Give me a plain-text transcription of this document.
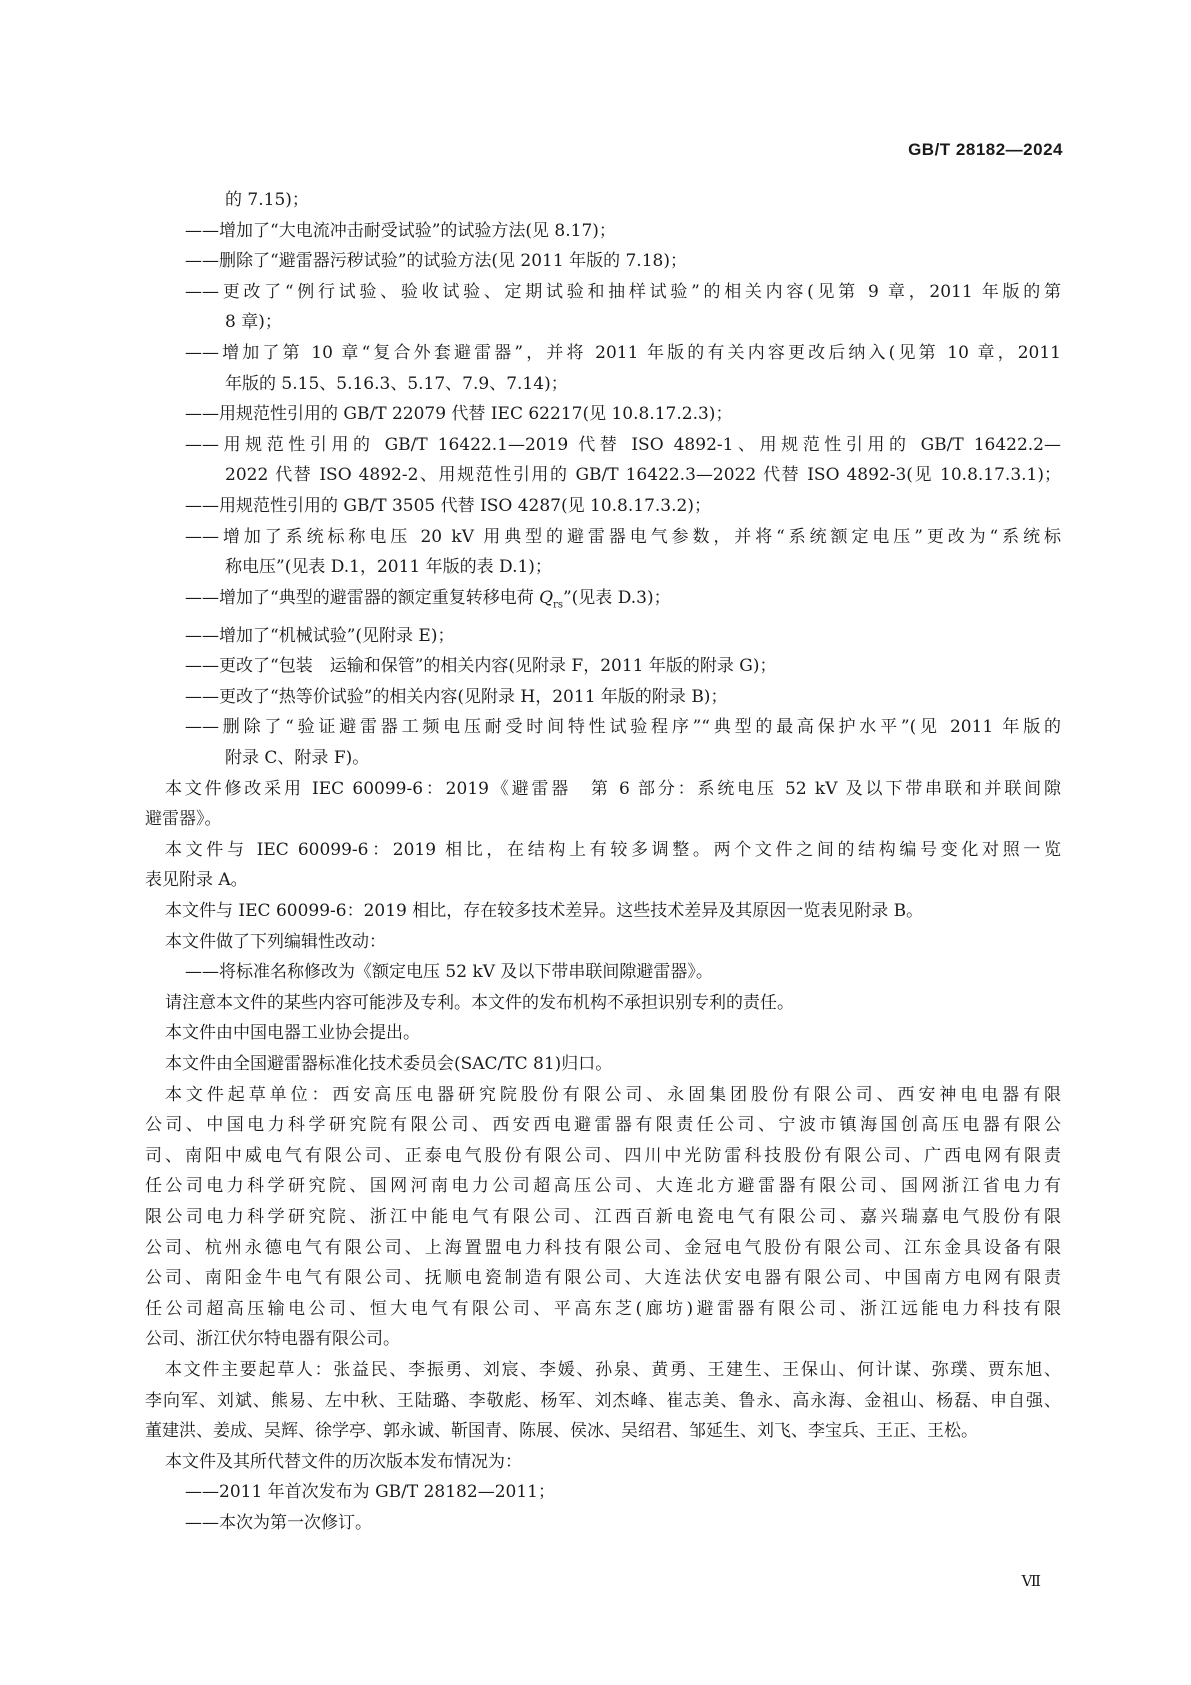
GB/T 28182—2024
的 7.15)；
——增加了“大电流冲击耐受试验”的试验方法(见 8.17)；
——删除了“避雷器污秽试验”的试验方法(见 2011 年版的 7.18)；
——更改了“例行试验、验收试验、定期试验和抽样试验”的相关内容(见第 9 章，2011 年版的第
8 章)；
——增加了第 10 章“复合外套避雷器”，并将 2011 年版的有关内容更改后纳入(见第 10 章，2011
年版的 5.15、5.16.3、5.17、7.9、7.14)；
——用规范性引用的 GB/T 22079 代替 IEC 62217(见 10.8.17.2.3)；
——用规范性引用的 GB/T 16422.1—2019 代替 ISO 4892-1、用规范性引用的 GB/T 16422.2—
2022 代替 ISO 4892-2、用规范性引用的 GB/T 16422.3—2022 代替 ISO 4892-3(见 10.8.17.3.1)；
——用规范性引用的 GB/T 3505 代替 ISO 4287(见 10.8.17.3.2)；
——增加了系统标称电压 20 kV 用典型的避雷器电气参数，并将“系统额定电压”更改为“系统标
称电压”(见表 D.1，2011 年版的表 D.1)；
——增加了“典型的避雷器的额定重复转移电荷 $Q_{rs}$”(见表 D.3)；
——增加了“机械试验”(见附录 E)；
——更改了“包装　运输和保管”的相关内容(见附录 F，2011 年版的附录 G)；
——更改了“热等价试验”的相关内容(见附录 H，2011 年版的附录 B)；
——删除了“验证避雷器工频电压耐受时间特性试验程序”“典型的最高保护水平”(见 2011 年版的
附录 C、附录 F)。
本文件修改采用 IEC 60099-6：2019《避雷器　第 6 部分：系统电压 52 kV 及以下带串联和并联间隙
避雷器》。
本文件与 IEC 60099-6：2019 相比，在结构上有较多调整。两个文件之间的结构编号变化对照一览
表见附录 A。
本文件与 IEC 60099-6：2019 相比，存在较多技术差异。这些技术差异及其原因一览表见附录 B。
本文件做了下列编辑性改动：
——将标准名称修改为《额定电压 52 kV 及以下带串联间隙避雷器》。
请注意本文件的某些内容可能涉及专利。本文件的发布机构不承担识别专利的责任。
本文件由中国电器工业协会提出。
本文件由全国避雷器标准化技术委员会(SAC/TC 81)归口。
本文件起草单位：西安高压电器研究院股份有限公司、永固集团股份有限公司、西安神电电器有限
公司、中国电力科学研究院有限公司、西安西电避雷器有限责任公司、宁波市镇海国创高压电器有限公
司、南阳中威电气有限公司、正泰电气股份有限公司、四川中光防雷科技股份有限公司、广西电网有限责
任公司电力科学研究院、国网河南电力公司超高压公司、大连北方避雷器有限公司、国网浙江省电力有
限公司电力科学研究院、浙江中能电气有限公司、江西百新电瓷电气有限公司、嘉兴瑞嘉电气股份有限
公司、杭州永德电气有限公司、上海置盟电力科技有限公司、金冠电气股份有限公司、江东金具设备有限
公司、南阳金牛电气有限公司、抚顺电瓷制造有限公司、大连法伏安电器有限公司、中国南方电网有限责
任公司超高压输电公司、恒大电气有限公司、平高东芝(廊坊)避雷器有限公司、浙江远能电力科技有限
公司、浙江伏尔特电器有限公司。
本文件主要起草人：张益民、李振勇、刘宸、李媛、孙泉、黄勇、王建生、王保山、何计谋、弥璞、贾东旭、
李向军、刘斌、熊易、左中秋、王陆璐、李敬彪、杨军、刘杰峰、崔志美、鲁永、高永海、金祖山、杨磊、申自强、
董建洪、姜成、吴辉、徐学亭、郭永诚、靳国青、陈展、侯冰、吴绍君、邹延生、刘飞、李宝兵、王正、王松。
本文件及其所代替文件的历次版本发布情况为：
——2011 年首次发布为 GB/T 28182—2011；
——本次为第一次修订。
Ⅶ
